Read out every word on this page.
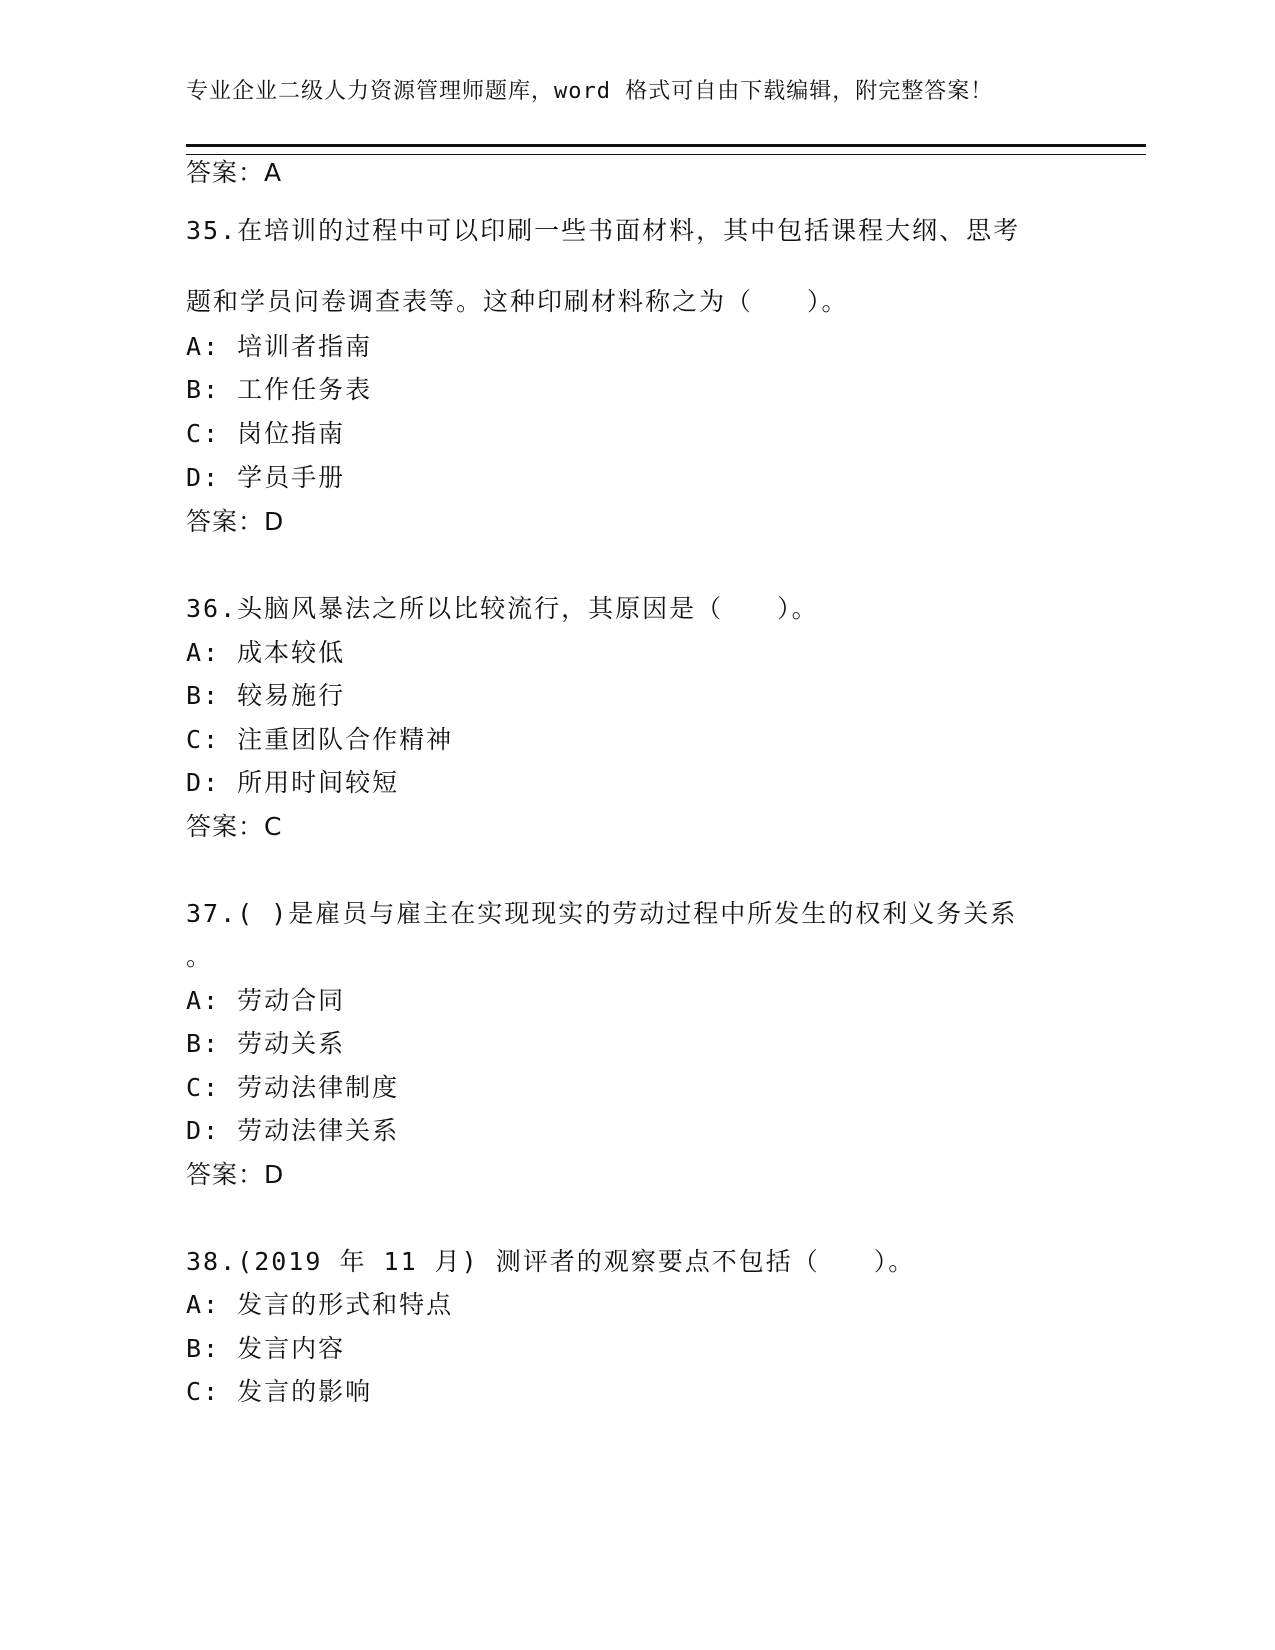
专业企业二级人力资源管理师题库，word 格式可自由下载编辑，附完整答案！
答案：A
35.在培训的过程中可以印刷一些书面材料，其中包括课程大纲、思考
题和学员问卷调查表等。这种印刷材料称之为（　　）。
A: 培训者指南
B: 工作任务表
C: 岗位指南
D: 学员手册
答案：D
36.头脑风暴法之所以比较流行，其原因是（　　）。
A: 成本较低
B: 较易施行
C: 注重团队合作精神
D: 所用时间较短
答案：C
37.( )是雇员与雇主在实现现实的劳动过程中所发生的权利义务关系
。
A: 劳动合同
B: 劳动关系
C: 劳动法律制度
D: 劳动法律关系
答案：D
38.(2019 年 11 月) 测评者的观察要点不包括（　　）。
A: 发言的形式和特点
B: 发言内容
C: 发言的影响
